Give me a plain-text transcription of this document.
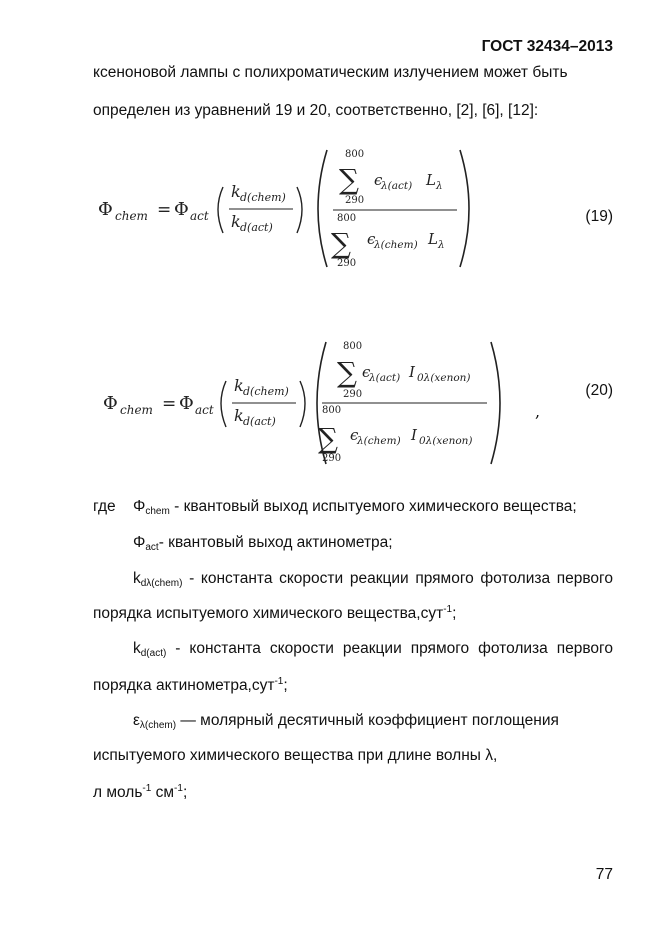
ГОСТ 32434–2013
ксеноновой лампы с полихроматическим излучением может быть
определен из уравнений 19 и 20, соответственно, [2], [6], [12]:
Φ chem = Φ act
k d(chem)
k d(act)
800
∑
290
ϵ
λ(act) L λ
800
∑
290
ϵ
λ(chem) L λ
(19)
Φ chem = Φ act
k d(chem)
k d(act)
800
∑
290
ϵ
λ(act) I 0λ(xenon)
800
∑
290
ϵ
λ(chem) I 0λ(xenon)
,
(20)
где $\Phi_{chem}$ - квантовый выход испытуемого химического вещества;
$\Phi_{act}-$ квантовый выход актинометра;
$k_{d\lambda(chem)}$ - константа скорости реакции прямого фотолиза первого
порядка испытуемого химического вещества,сут$^{-1}$;
$k_{d(act)}$ - константа скорости реакции прямого фотолиза первого
порядка актинометра,сут$^{-1}$;
$\varepsilon_{\lambda(chem)}$ — молярный десятичный коэффициент поглощения
испытуемого химического вещества при длине волны λ,
л моль$^{-1}$ $см^{-1}$;
77
